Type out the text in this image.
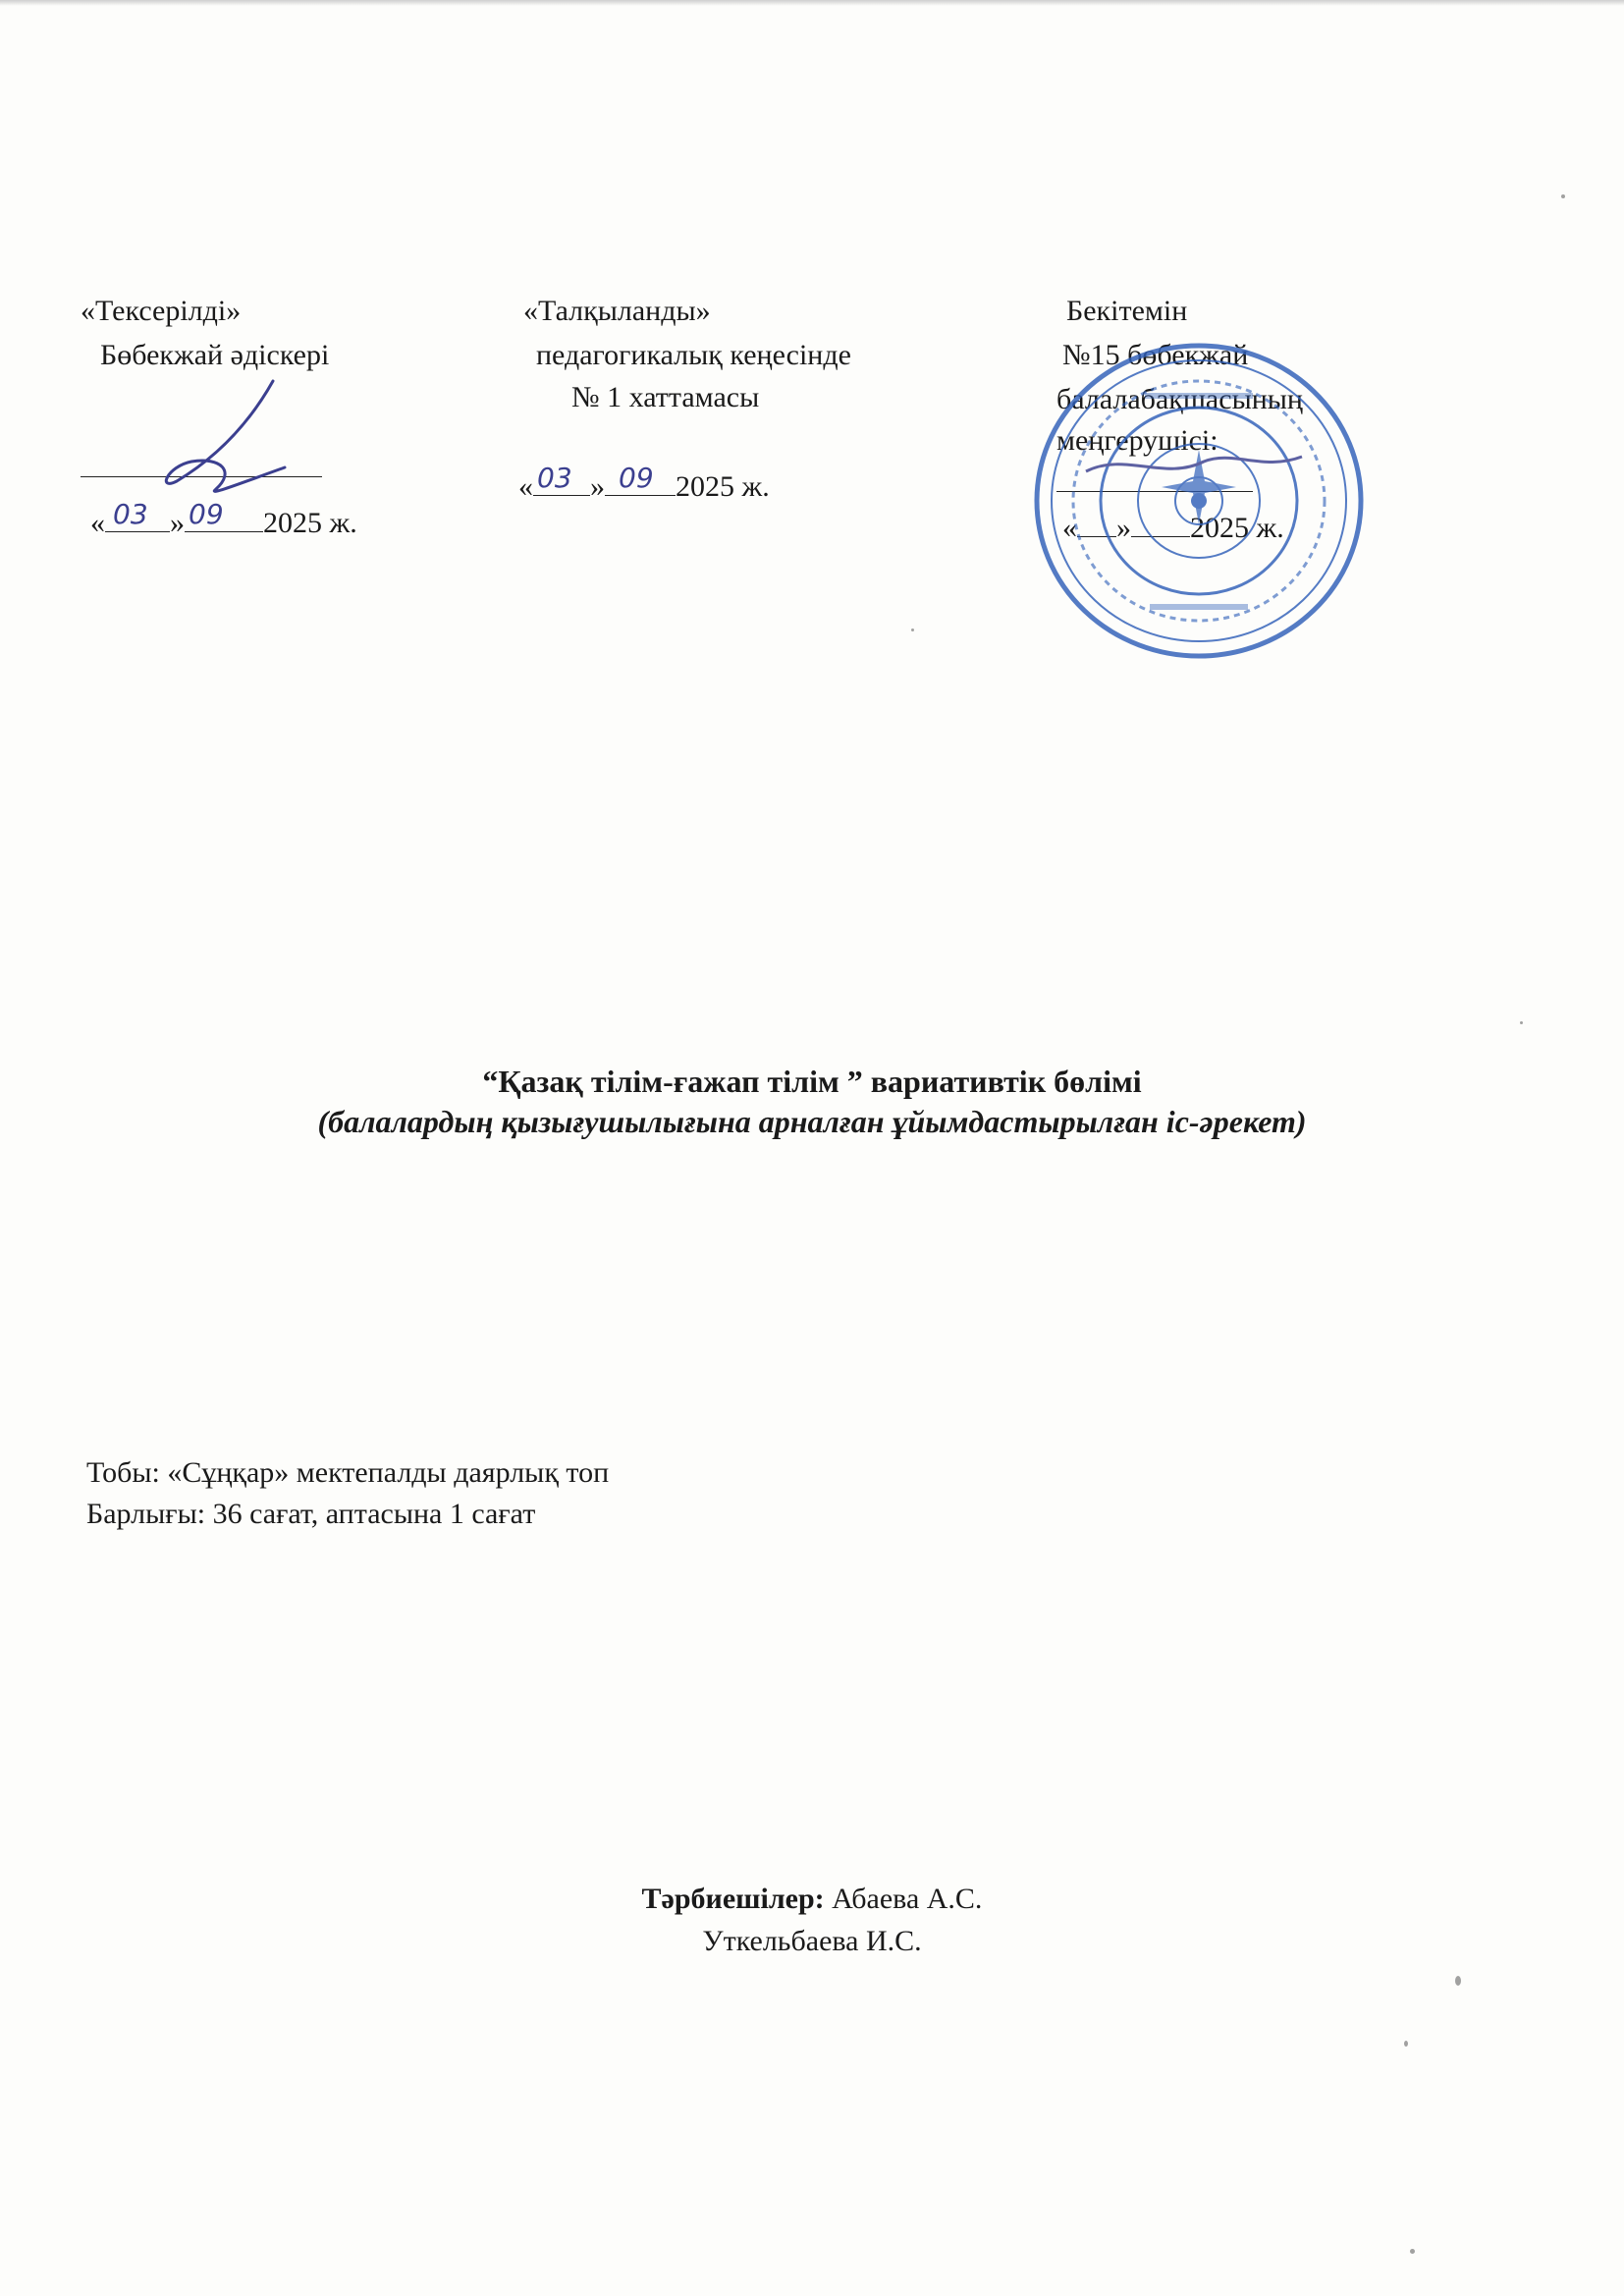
«Тексерілді»
Бөбекжай әдіскері
« 03 » 09 2025 ж.
«Талқыланды»
педагогикалық кеңесінде
№ 1 хаттамасы
« 03 » 09 2025 ж.
Бекітемін
№15 бөбекжай
балалабақшасының
меңгерушісі:
« » 2025 ж.
“Қазақ тілім-ғажап тілім ” вариативтік бөлімі
(балалардың қызығушылығына арналған ұйымдастырылған іс-әрекет)
Тобы: «Сұңқар» мектепалды даярлық топ
Барлығы: 36 сағат, аптасына 1 сағат
Тәрбиешілер: Абаева А.С.
Уткельбаева И.С.
